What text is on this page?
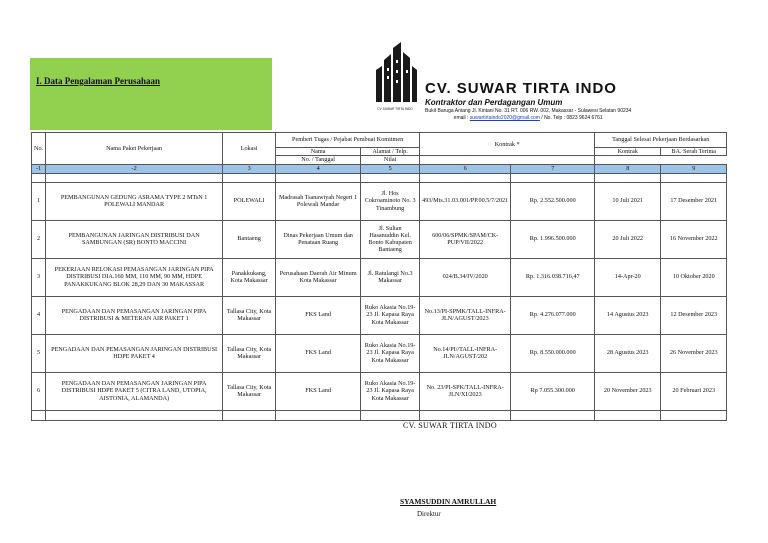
I. Data Pengalaman Perusahaan
CV SUWAR TIRTA INDO
CV. SUWAR TIRTA INDO
Kontraktor dan Perdagangan Umum
Bukit Baruga Antang Jl. Kintani No. 31 RT. 006 RW. 002, Makassar - Sulawesi Selatan 90234
email : suwartirtaindo2020@gmail.com / No. Telp : 0823 9624 6761
No.	Nama Paket Pekerjaan	Lokasi	Pemberi Tugas / Pejabat Pembuat Komitmen		Kontrak *		Tanggal Selesai Pekerjaan Berdasarkan	
			Nama	Alamat / Telp.			Kontrak	BA. Serah Terima
			No. / Tanggal	Nilai				
-1	-2	3	4	5	6	7	8	9

1	PEMBANGUNAN GEDUNG ASRAMA TYPE 2 MTsN 1 POLEWALI MANDAR	POLEWALI	Madrasah Tsanawiyah Negeri 1 Polewali Mandar	Jl. Hos Cokroaminoto No. 3 Tinambung	493/Mts.31.03.001/PP.00.5/7/2021	Rp. 2.552.500.000	10 Juli 2021	17 Desember 2021
2	PEMBANGUNAN JARINGAN DISTRIBUSI DAN SAMBUNGAN (SR) BONTO MACCINI	Bantaeng	Dinas Pekerjaan Umum dan Penataan Ruang	Jl. Sultan Hasanuddin Kel. Bonto Kabupaten Bantaeng	600/06/SPMK/SPAM/CK-PUP/VII/2022	Rp. 1.996.500.000	20 Juli 2022	16 November 2022
3	PEKERJAAN RELOKASI PEMASANGAN JARINGAN PIPA DISTRIBUSI DIA.160 MM, 110 MM, 90 MM, HDPE PANAKKUKANG BLOK 28,29 DAN 30 MAKASSAR	Panakkukang, Kota Makassar	Perusahaan Daerah Air Minum Kota Makassar	Jl. Ratulangi No.3 Makassar	024/B.34/IV/2020	Rp. 1.316.038.716,47	14-Apr-20	10 Oktober 2020
4	PENGADAAN DAN PEMASANGAN JARINGAN PIPA DISTRIBUSI & METERAN AIR PAKET 1	Tallasa City, Kota Makassar	FKS Land	Ruko Akasia No.19-23 Jl. Kapasa Raya Kota Makassar	No.13/PI-SPMK/TALL-INFRA-JLN/AGUST/2023	Rp. 4.276.077.000	14 Agustus 2023	12 Desember 2023
5	PENGADAAN DAN PEMASANGAN JARINGAN DISTRIBUSI HDPE PAKET 4	Tallasa City, Kota Makassar	FKS Land	Ruko Akasia No.19-23 Jl. Kapasa Raya Kota Makassar	No.14/PI//TALL-INFRA-JLN/AGUST/202	Rp. 8.550.000.000	28 Agustus 2023	26 November 2023
6	PENGADAAN DAN PEMASANGAN JARINGAN PIPA DISTRIBUSI HDPE PAKET 5 (CITRA LAND, UTOPIA, AISTONIA, ALAMANDA)	Tallasa City, Kota Makassar	FKS Land	Ruko Akasia No.19-23 Jl. Kapasa Raya Kota Makassar	No. 23/PI-SPK/TALL-INFRA-JLN/XI/2023	Rp 7.055.300.000	20 November 2023	20 Februari 2023

CV. SUWAR TIRTA INDO
SYAMSUDDIN AMRULLAH
Direktur
